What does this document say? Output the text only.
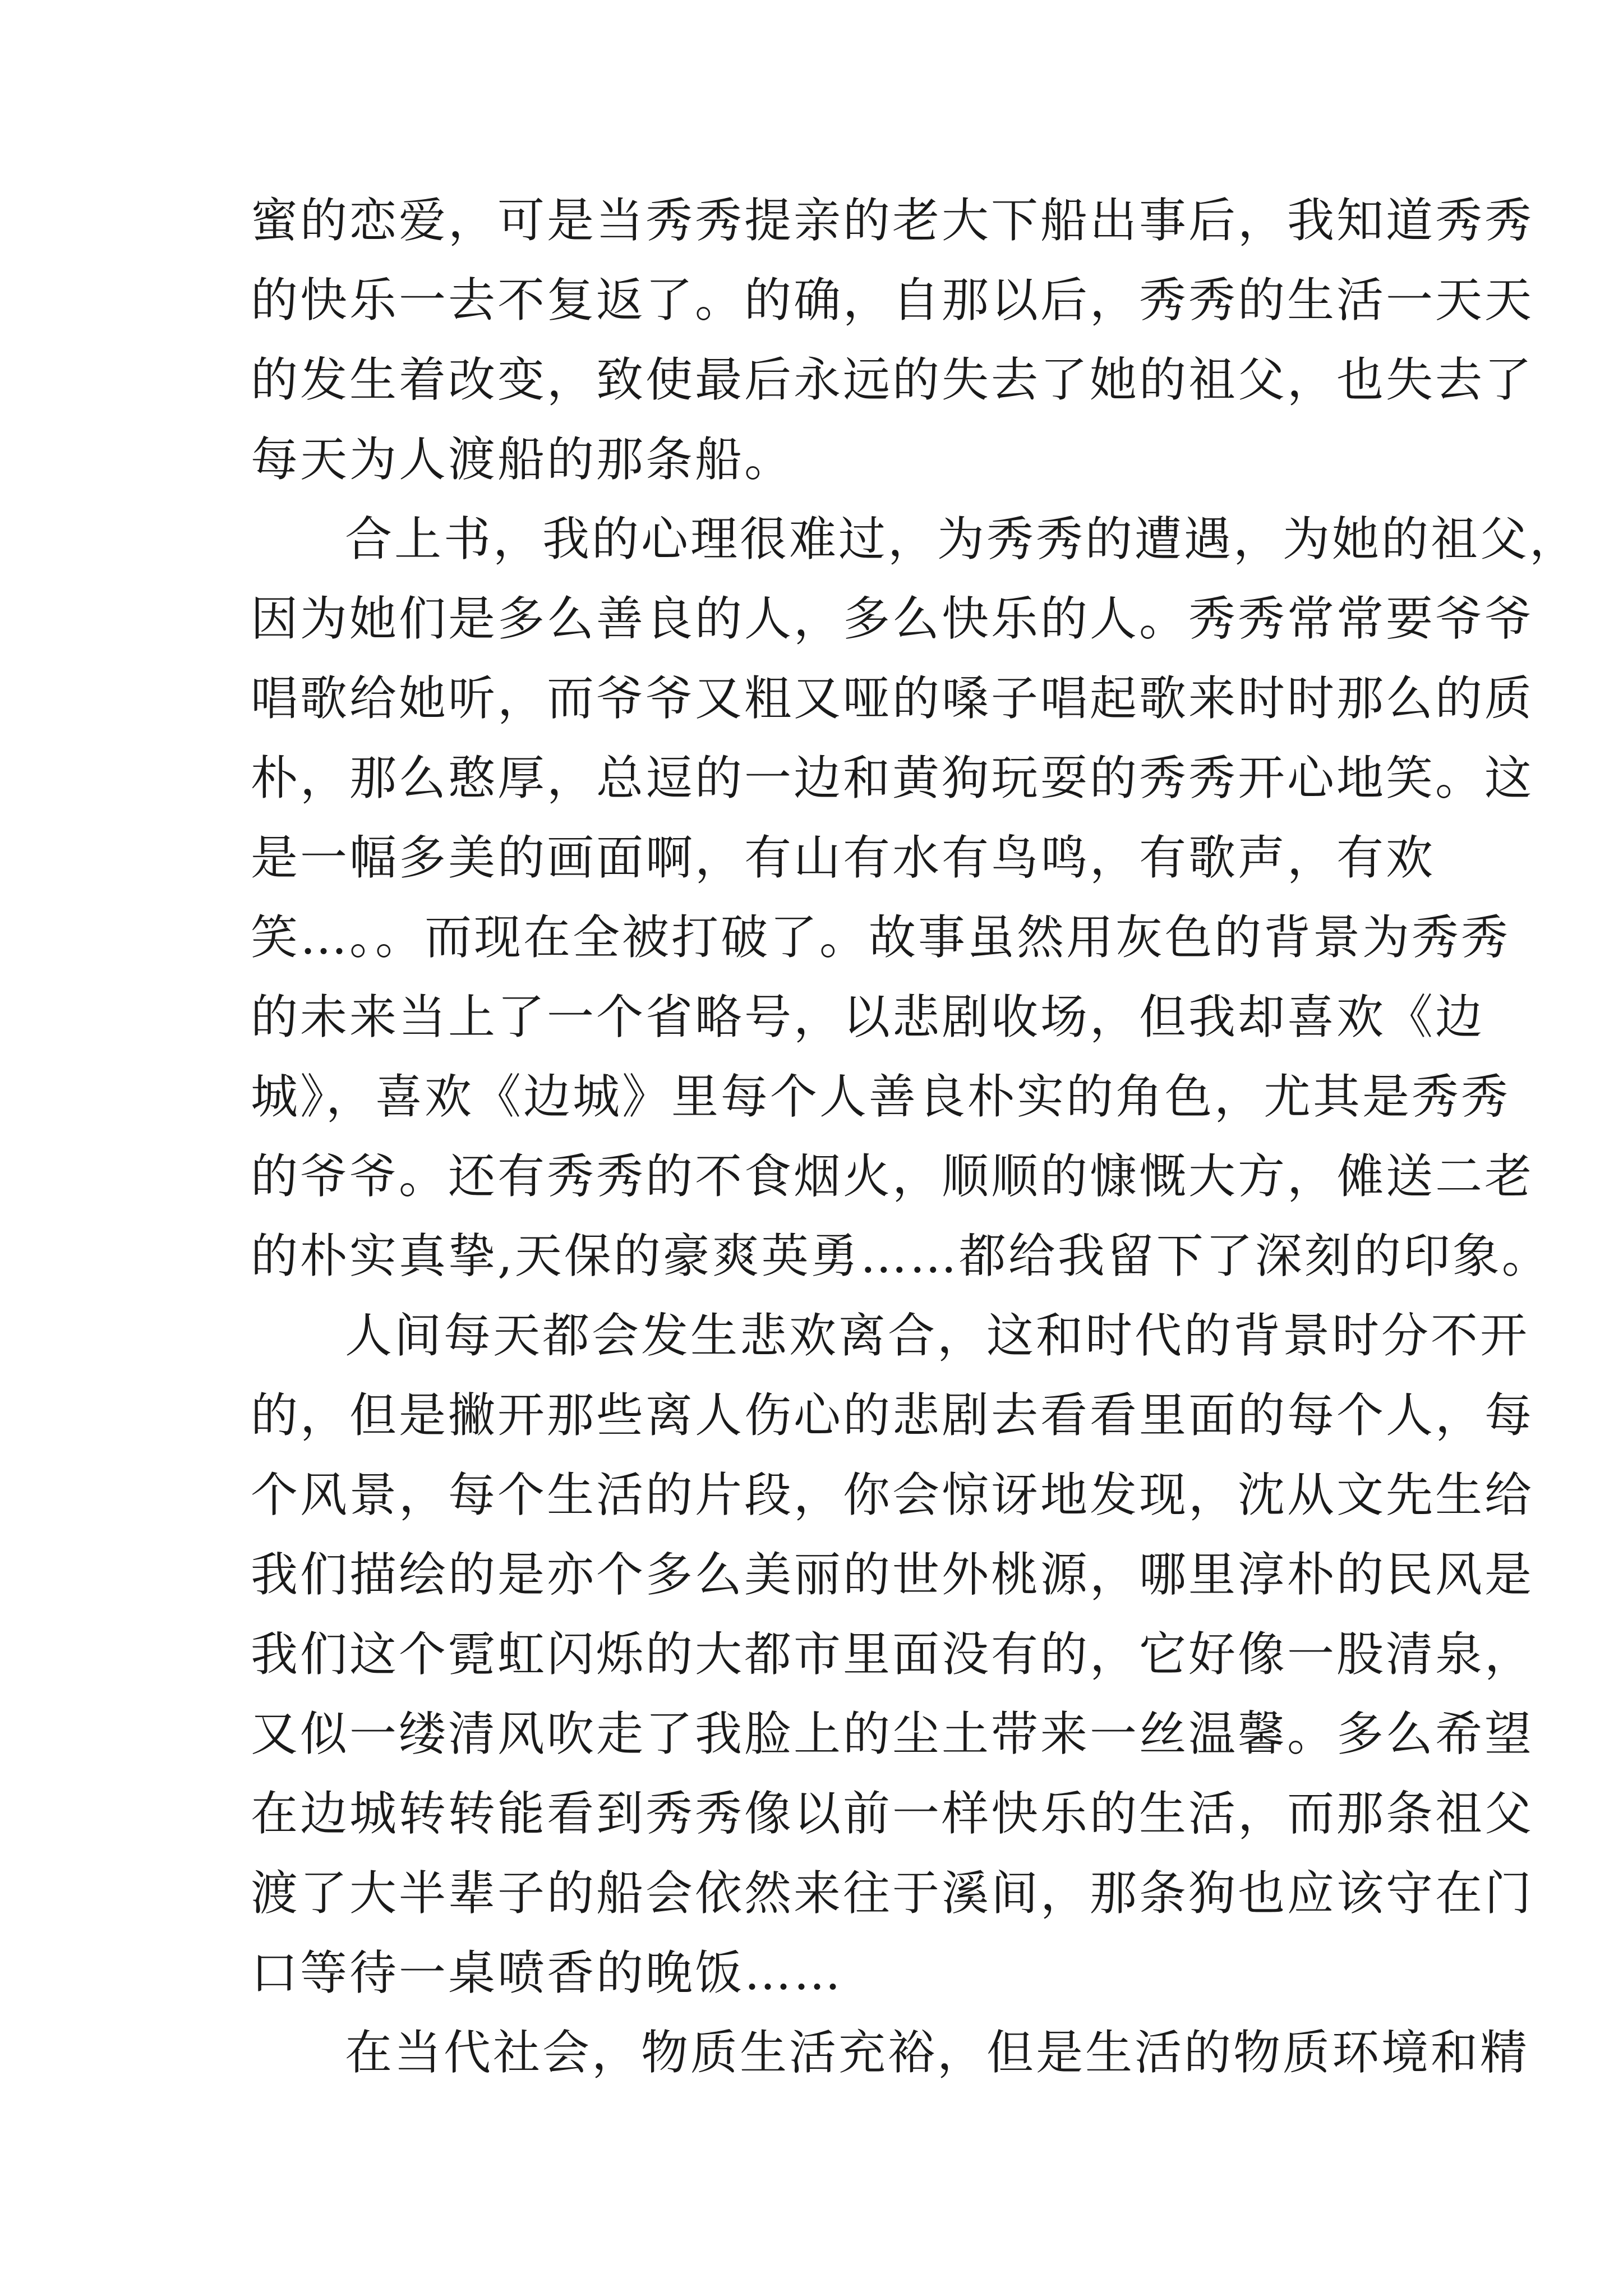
蜜的恋爱，可是当秀秀提亲的老大下船出事后，我知道秀秀
的快乐一去不复返了。的确，自那以后，秀秀的生活一天天
的发生着改变，致使最后永远的失去了她的祖父，也失去了
每天为人渡船的那条船。
合上书，我的心理很难过，为秀秀的遭遇，为她的祖父，
因为她们是多么善良的人，多么快乐的人。秀秀常常要爷爷
唱歌给她听，而爷爷又粗又哑的嗓子唱起歌来时时那么的质
朴，那么憨厚，总逗的一边和黄狗玩耍的秀秀开心地笑。这
是一幅多美的画面啊，有山有水有鸟鸣，有歌声，有欢
笑…。。而现在全被打破了。故事虽然用灰色的背景为秀秀
的未来当上了一个省略号，以悲剧收场，但我却喜欢《边
城》，喜欢《边城》里每个人善良朴实的角色，尤其是秀秀
的爷爷。还有秀秀的不食烟火，顺顺的慷慨大方，傩送二老
的朴实真挚,天保的豪爽英勇……都给我留下了深刻的印象。
人间每天都会发生悲欢离合，这和时代的背景时分不开
的，但是撇开那些离人伤心的悲剧去看看里面的每个人，每
个风景，每个生活的片段，你会惊讶地发现，沈从文先生给
我们描绘的是亦个多么美丽的世外桃源，哪里淳朴的民风是
我们这个霓虹闪烁的大都市里面没有的，它好像一股清泉，
又似一缕清风吹走了我脸上的尘土带来一丝温馨。多么希望
在边城转转能看到秀秀像以前一样快乐的生活，而那条祖父
渡了大半辈子的船会依然来往于溪间，那条狗也应该守在门
口等待一桌喷香的晚饭……
在当代社会，物质生活充裕，但是生活的物质环境和精
